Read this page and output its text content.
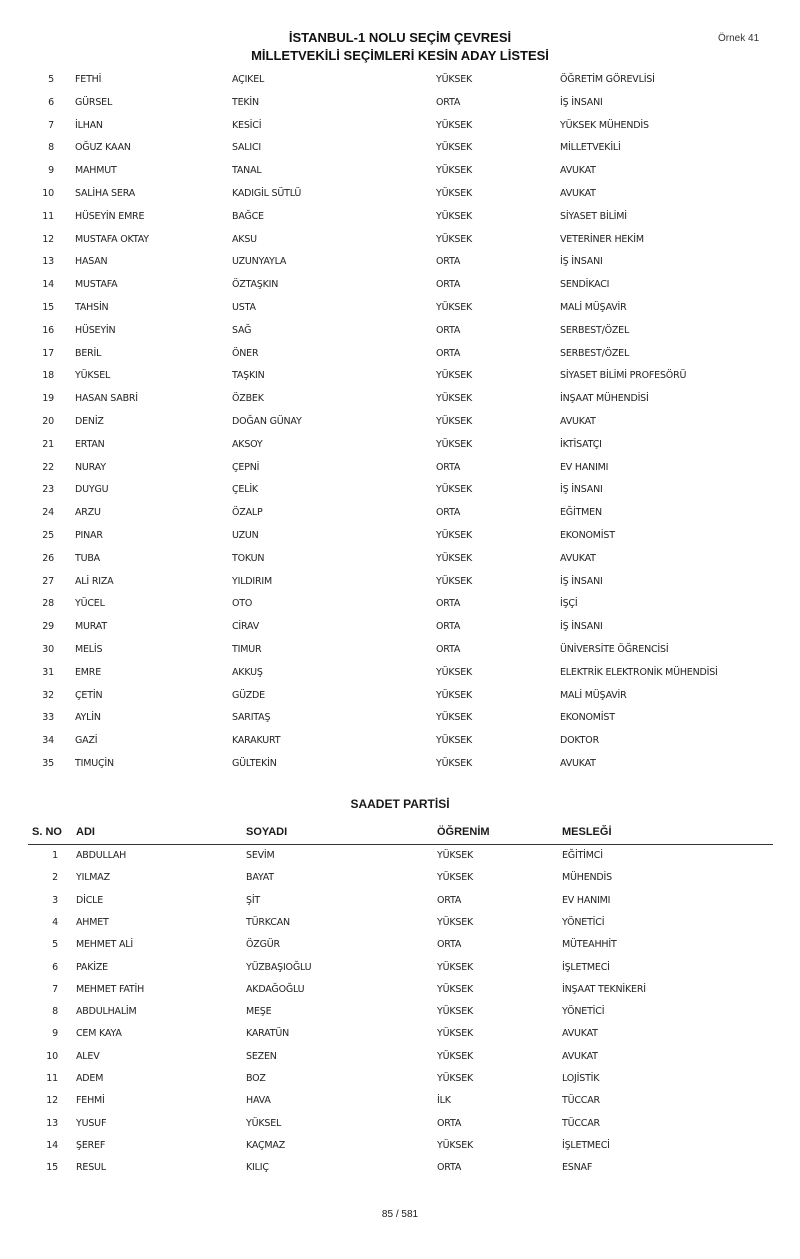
İSTANBUL-1 NOLU SEÇİM ÇEVRESİ
MİLLETVEKİLİ SEÇİMLERİ KESİN ADAY LİSTESİ
Örnek 41
5 FETHİ	AÇIKEL	YÜKSEK	ÖĞRETİM GÖREVLİSİ
6 GÜRSEL	TEKİN	ORTA	İŞ İNSANI
7 İLHAN	KESİCİ	YÜKSEK	YÜKSEK MÜHENDİS
8 OĞUZ KAAN	SALICI	YÜKSEK	MİLLETVEKİLİ
9 MAHMUT	TANAL	YÜKSEK	AVUKAT
10 SALİHA SERA	KADIGİL SÜTLÜ	YÜKSEK	AVUKAT
11 HÜSEYİN EMRE	BAĞCE	YÜKSEK	SİYASET BİLİMİ
12 MUSTAFA OKTAY	AKSU	YÜKSEK	VETERİNER HEKİM
13 HASAN	UZUNYAYLA	ORTA	İŞ İNSANI
14 MUSTAFA	ÖZTAŞKIN	ORTA	SENDİKACI
15 TAHSİN	USTA	YÜKSEK	MALİ MÜŞAVİR
16 HÜSEYİN	SAĞ	ORTA	SERBEST/ÖZEL
17 BERİL	ÖNER	ORTA	SERBEST/ÖZEL
18 YÜKSEL	TAŞKIN	YÜKSEK	SİYASET BİLİMİ PROFESÖRÜ
19 HASAN SABRİ	ÖZBEK	YÜKSEK	İNŞAAT MÜHENDİSİ
20 DENİZ	DOĞAN GÜNAY	YÜKSEK	AVUKAT
21 ERTAN	AKSOY	YÜKSEK	İKTİSATÇI
22 NURAY	ÇEPNİ	ORTA	EV HANIMI
23 DUYGU	ÇELİK	YÜKSEK	İŞ İNSANI
24 ARZU	ÖZALP	ORTA	EĞİTMEN
25 PINAR	UZUN	YÜKSEK	EKONOMİST
26 TUBA	TOKUN	YÜKSEK	AVUKAT
27 ALİ RIZA	YILDIRIM	YÜKSEK	İŞ İNSANI
28 YÜCEL	OTO	ORTA	İŞÇİ
29 MURAT	CİRAV	ORTA	İŞ İNSANI
30 MELİS	TIMUR	ORTA	ÜNİVERSİTE ÖĞRENCİSİ
31 EMRE	AKKUŞ	YÜKSEK	ELEKTRİK ELEKTRONİK MÜHENDİSİ
32 ÇETİN	GÜZDE	YÜKSEK	MALİ MÜŞAVİR
33 AYLİN	SARITAŞ	YÜKSEK	EKONOMİST
34 GAZİ	KARAKURT	YÜKSEK	DOKTOR
35 TIMUÇİN	GÜLTEKİN	YÜKSEK	AVUKAT
SAADET PARTİSİ
S. NO ADI	SOYADI	ÖĞRENİM	MESLEĞİ
1 ABDULLAH	SEVİM	YÜKSEK	EĞİTİMCİ
2 YILMAZ	BAYAT	YÜKSEK	MÜHENDİS
3 DİCLE	ŞİT	ORTA	EV HANIMI
4 AHMET	TÜRKCAN	YÜKSEK	YÖNETİCİ
5 MEHMET ALİ	ÖZGÜR	ORTA	MÜTEAHHİT
6 PAKİZE	YÜZBAŞIOĞLU	YÜKSEK	İŞLETMECİ
7 MEHMET FATİH	AKDAĞOĞLU	YÜKSEK	İNŞAAT TEKNİKERİ
8 ABDULHALİM	MEŞE	YÜKSEK	YÖNETİCİ
9 CEM KAYA	KARATÜN	YÜKSEK	AVUKAT
10 ALEV	SEZEN	YÜKSEK	AVUKAT
11 ADEM	BOZ	YÜKSEK	LOJİSTİK
12 FEHMİ	HAVA	İLK	TÜCCAR
13 YUSUF	YÜKSEL	ORTA	TÜCCAR
14 ŞEREF	KAÇMAZ	YÜKSEK	İŞLETMECİ
15 RESUL	KILIÇ	ORTA	ESNAF
85 / 581
